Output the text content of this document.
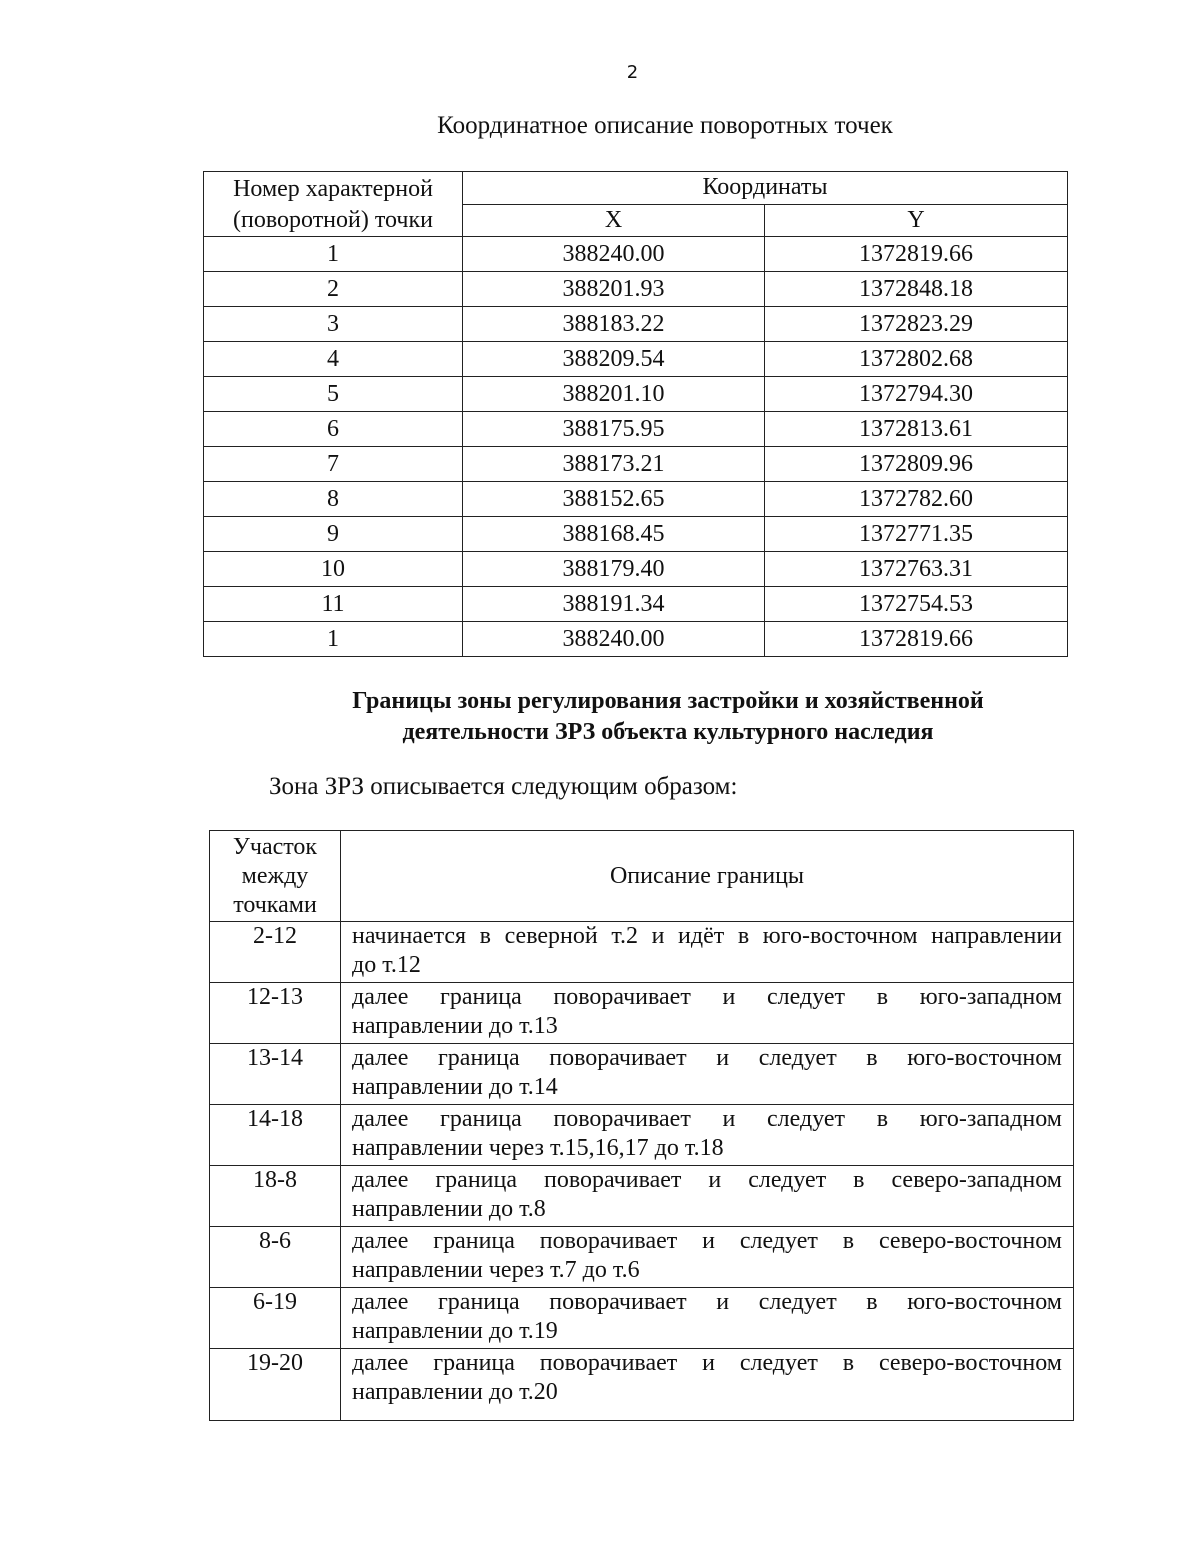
2
Координатное описание поворотных точек
Номер характерной
(поворотной) точки	Координаты	
	X	Y
1	388240.00	1372819.66
2	388201.93	1372848.18
3	388183.22	1372823.29
4	388209.54	1372802.68
5	388201.10	1372794.30
6	388175.95	1372813.61
7	388173.21	1372809.96
8	388152.65	1372782.60
9	388168.45	1372771.35
10	388179.40	1372763.31
11	388191.34	1372754.53
1	388240.00	1372819.66
Границы зоны регулирования застройки и хозяйственной
деятельности ЗРЗ объекта культурного наследия
Зона ЗРЗ описывается следующим образом:
Участок
между
точками	Описание границы
2-12	начинается в северной т.2 и идёт в юго-восточном направлении
до т.12

12-13	далее граница поворачивает и следует в юго-западном
направлении до т.13

13-14	далее граница поворачивает и следует в юго-восточном
направлении до т.14

14-18	далее граница поворачивает и следует в юго-западном
направлении через т.15,16,17 до т.18

18-8	далее граница поворачивает и следует в северо-западном
направлении до т.8

8-6	далее граница поворачивает и следует в северо-восточном
направлении через т.7 до т.6

6-19	далее граница поворачивает и следует в юго-восточном
направлении до т.19

19-20	далее граница поворачивает и следует в северо-восточном
направлении до т.20
